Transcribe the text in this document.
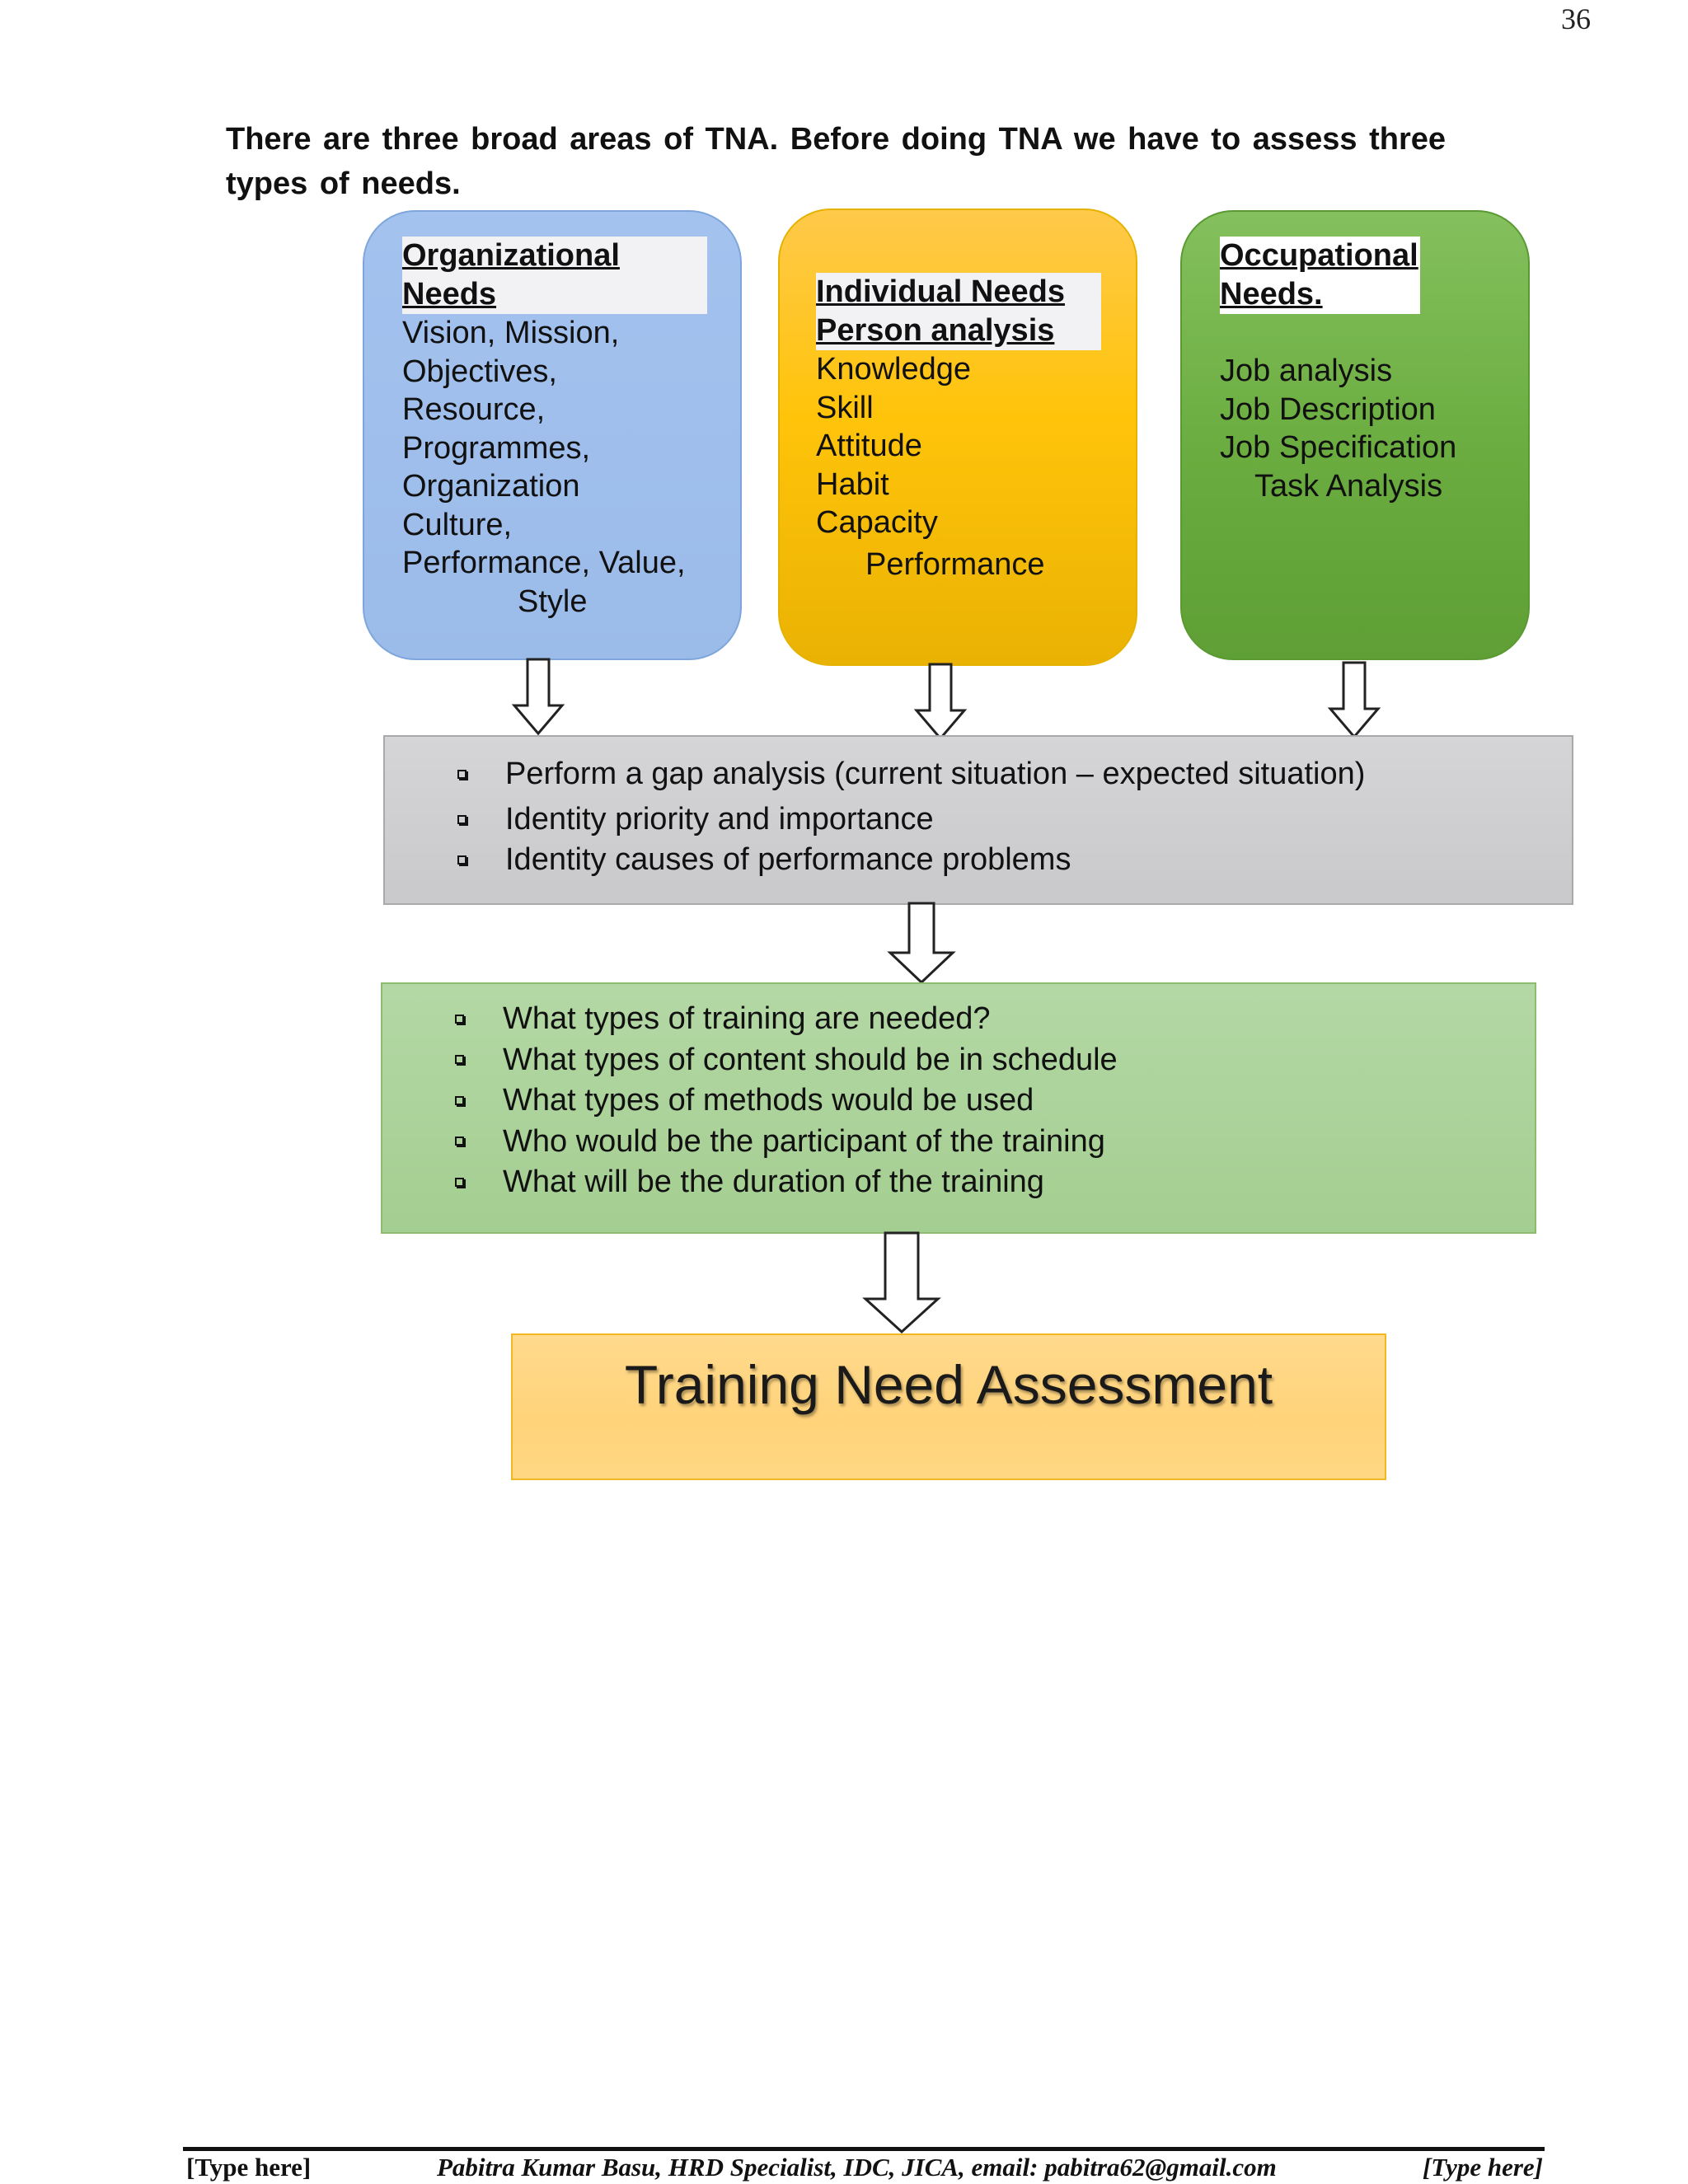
36
There are three broad areas of TNA. Before doing TNA we have to assess three types of needs.
Organizational
Needs
Vision, Mission,
Objectives,
Resource,
Programmes,
Organization
Culture,
Performance, Value,
Style
Individual Needs
Person analysis
Knowledge
Skill
Attitude
Habit
Capacity
Performance
Occupational
Needs.
Job analysis
Job Description
Job Specification
Task Analysis
Perform a gap analysis (current situation – expected situation)
Identity priority and importance
Identity causes of performance problems
What types of training are needed?
What types of content should be in schedule
What types of methods would be used
Who would be the participant of the training
What will be the duration of the training
Training Need Assessment
[Type here]	Pabitra Kumar Basu, HRD Specialist, IDC, JICA, email: pabitra62@gmail.com	[Type here]
